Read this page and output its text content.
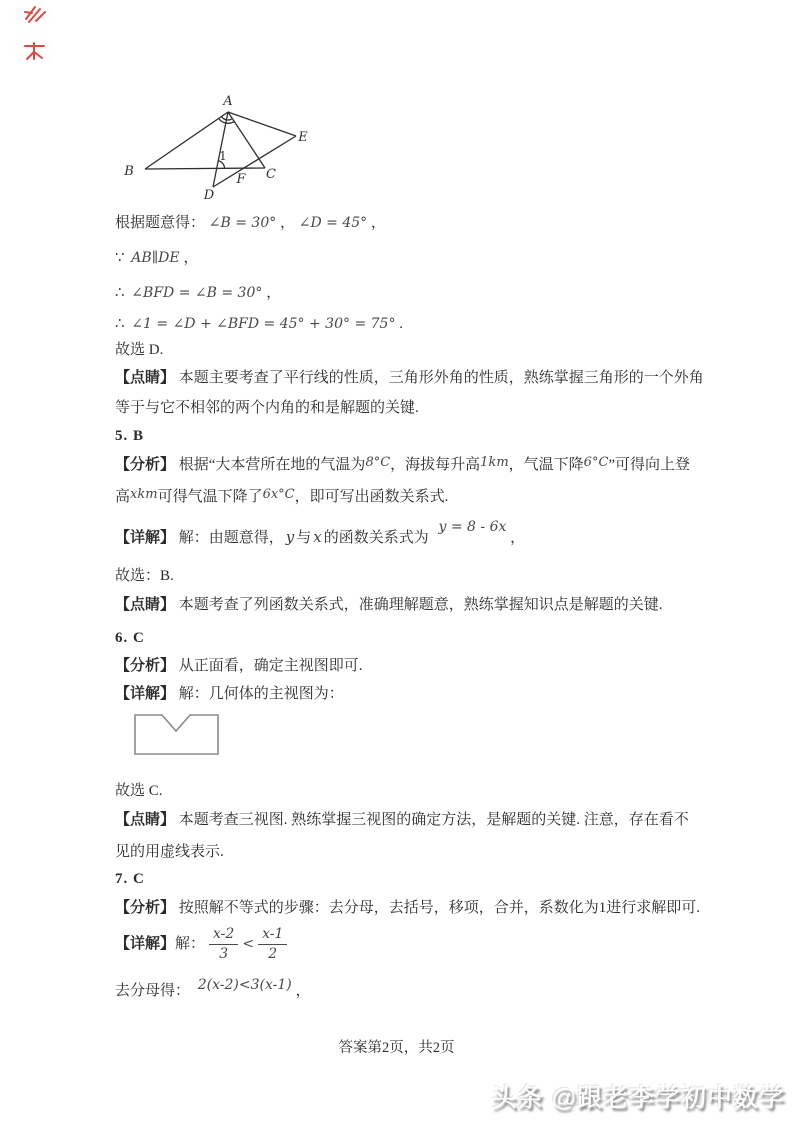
A
B	C
D
E
F
1
根据题意得： ∠B = 30° ， ∠D = 45° ，
∵ AB∥DE ，
∴ ∠BFD = ∠B = 30° ，
∴ ∠1 = ∠D + ∠BFD = 45° + 30° = 75° .
故选 D.
【点睛】 本题主要考查了平行线的性质，三角形外角的性质，熟练掌握三角形的一个外角
等于与它不相邻的两个内角的和是解题的关键.
5. B
【分析】 根据“大本营所在地的气温为8°C，海拔每升高1km，气温下降6°C”可得向上登
高xkm可得气温下降了6x°C，即可写出函数关系式.
【详解】 解：由题意得， y 与 x 的函数关系式为 y = 8 - 6x ，
故选：B.
【点睛】 本题考查了列函数关系式，准确理解题意，熟练掌握知识点是解题的关键.
6. C
【分析】 从正面看，确定主视图即可.
【详解】 解：几何体的主视图为：
故选 C.
【点睛】 本题考查三视图. 熟练掌握三视图的确定方法，是解题的关键. 注意，存在看不
见的用虚线表示.
7. C
【分析】 按照解不等式的步骤：去分母，去括号，移项，合并，系数化为1进行求解即可.
【详解】 解： $\frac{x-2}{3} < \frac{x-1}{2}$
去分母得： 2(x-2)<3(x-1) ，
答案第2页，共2页
头条 @跟老李学初中数学
